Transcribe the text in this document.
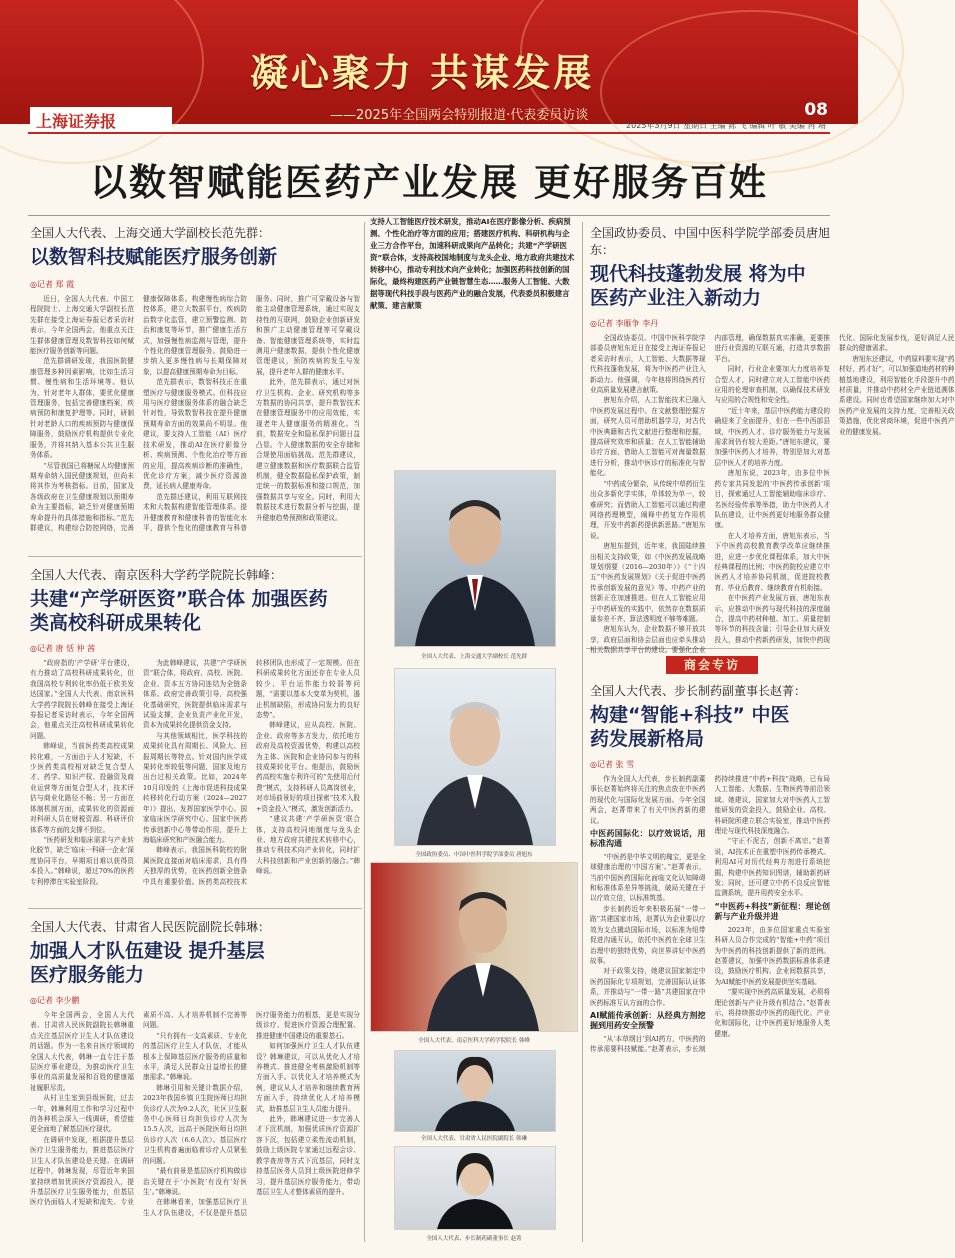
凝心聚力 共谋发展
——2025年全国两会特别报道·代表委员访谈	08
上海证券报	2025年3月9日 星期日 主编 陈 飞 编辑 叶 敏 美编 冉 靖
以数智赋能医药产业发展 更好服务百姓
全国人大代表、上海交通大学副校长范先群：
以数智科技赋能医疗服务创新
◎记者 郑 霞

近日，全国人大代表、中国工程院院士、上海交通大学副校长范先群在接受上海证券报记者采访时表示，今年全国两会，他重点关注生群体健康管理及数智科技如何赋能医疗服务创新等问题。

范先群调研发现，我国医院健康管理多种因素影响，比如生活习惯、慢性病和生活环境等。他认为，针对老年人群体，要优化健康管理服务，包括完善健康档案，疾病预防和康复护理等。同时，研制针对老龄人口的疾病预防与健康保障服务，鼓励医疗机构提供专业化服务，并将其纳入基本公共卫生服务体系。

“尽管我国已将糖尿人均健康预期寿命纳入国民健康规划，但尚未将其作为考核指标。目前，国家及各级政府在卫生健康规划以预期寿命为主要指标，缺乏针对健康预期寿命提升的具体措施和指标。”范先群建议，构建综合防控网络，完善健康保障体系。构建慢性病综合防控体系，建立大数据平台，疾病防治数字化监管，建立预警监测、防治和康复等环节，推广健康生活方式，加强慢性病监测与管理，提升个性化的健康管理服务。鼓励进一步纳入更多慢性病与长期保障对象，以提高健康预期寿命为目标。

范先群表示，数智科技正在重塑医疗与健康服务模式。但科技应用与医疗健康服务体系的融合缺乏针对性，导致数智科技在提升健康预期寿命方面的效果尚不明显。他建议，要支持人工智能（AI）医疗技术研发，推动AI在医疗影像分析、疾病预测、个性化治疗等方面的应用，提高疾病诊断的准确性，优化诊疗方案，减少医疗资源浪费，延长病人健康寿命。

范先群还建议，利用互联网技术和大数据构建智能管理体系。提升健康教育和健康科普的智能化水平，提供个性化的健康教育与科普服务。同时，推广可穿戴设备与智能主动健康管理系统，通过实现支持性的互联网，鼓励企业创新研发和推广主动健康管理等可穿戴设备、智能健康管理系统等，实时监测用户健康数据，提供个性化健康管理建议，预防疾病的发生与发展，提升老年人群的健康水平。

此外，范先群表示，通过对医疗卫生机构、企业、研究机构等多方数据的协同共享，提升数智技术在健康管理服务中的应用效能，实现老年人健康服务的精准化。当前，数据安全和隐私保护问题日益凸显。个人健康数据的安全存储和合规使用面临挑战。范先群建议，建立健康数据和医疗数据联合监管机制，健全数据隐私保护政策，制定统一的数据标准和接口规范，加强数据共享与安全。同时，利用大数据技术进行数据分析与挖掘，提升健康趋势预测和政策建议。

全国人大代表、南京医科大学药学院院长韩峰：
共建“产学研医资”联合体 加强医药类高校科研成果转化
◎记者 唐 恬 仲 茜

“政府指的‘产学研’平台建设，有力推动了高校科研成果转化，但我国高校专利转化率仍低于欧美发达国家。”全国人大代表、南京医科大学药学院院长韩峰在接受上海证券报记者采访时表示，今年全国两会，他重点关注高校科研成果转化问题。

韩峰说，当前医药类高校成果转化难，一方面由于人才短缺，不少医药类高校相对缺乏复合型人才、药学、知识产权、投融资及商业运营等方面复合型人才，技术评估与商业化路径不畅；另一方面在体制机制方面，成果转化的资源面对科研人员在财税资源、科研评价体系等方面的支撑不到位。

“医药研发和临床需求与产业转化脱节，缺乏‘临床一科研一企业’深度协同平台，早期项目难以获得资本投入。”韩峰说，超过70%的医药专利停滞在实验室阶段。

为此韩峰建议，共建“产学研医资”联合体，将政府、高校、医院、企业、资本五方协同连结为全链条体系。政府完善政策引导，高校强化基础研究，医院提供临床需求与试验支撑，企业负责产业化开发，资本为成果转化提供资金支持。

与其他领域相比，医学科技的成果转化具有周期长、风险大、回报周期长等特点。针对国内医学成果转化率较低等问题，国家及地方出台过相关政策。比如，2024年10月印发的《上海市促进科技成果转移转化行动方案（2024—2027年）》提出，发挥国家医学中心、国家临床医学研究中心、国家中医药传承创新中心等带动作用，提升上海临床研究和产医融合能力。

韩峰表示，我国医科院校的附属医院直接面对临床需求，具有得天独厚的优势，在医药创新全链条中具有重要价值。医药类高校技术转移团队也形成了一定规模。但在科研成果转化方面还存在专业人员较少、平台运作能力较弱等问题，“需要以基本大变革为契机，遏止机制缺陷，形成协同发力的良好态势”。

韩峰建议，应从高校、医院、企业、政府等多方发力，依托地方政府及高校资源优势，构建以高校为主体、医院和企业协同参与的科技成果转化平台。他提出，鼓励医药高校实施专利许可的“先使用后付费”模式，支持科研人员离岗创业，对市场前景好的项目探索“技术入股+资金投入”模式，激发创新活力。

“建议共建‘产学研医资’联合体，支持高校同地制度与龙头企业、地方政府共建技术转移中心，推动专利技术向产业转化，同时扩大科技创新和产业创新的融合。”韩峰说。

全国人大代表、甘肃省人民医院副院长韩琳：
加强人才队伍建设 提升基层医疗服务能力
◎记者 李少鹏

今年全国两会，全国人大代表、甘肃省人民医院副院长韩琳重点关注基层医疗卫生人才队伍建设的话题。作为一名来自医疗领域的全国人大代表，韩琳一直专注于基层医疗事业建设，为推动医疗卫生事业的高质量发展和百姓的健康福祉履职尽责。

从村卫生室到县级医院，过去一年，韩琳利用工作和学习过程中的各种机会深入一线调研，希望能更全面地了解基层医疗现状。

在调研中发现，根据提升基层医疗卫生服务能力，推进基层医疗卫生人才队伍建设是关键。在调研过程中，韩琳发现，尽管近年来国家持续增加优质医疗资源投入，提升基层医疗卫生服务能力，但基层医疗仍面临人才短缺和流失、专业素质不高、人才培养机制不完善等问题。

“只有拥有一支高素质、专业化的基层医疗卫生人才队伍，才能从根本上保障基层医疗服务的质量和水平，满足人民群众日益增长的健康需求。”韩琳说。

韩琳引用和关键计数据介绍，2023年我国乡镇卫生院医师日均担负诊疗人次为9.2人次，社区卫生服务中心医师日均担负诊疗人次为15.5人次，远高于医院医师日均担负诊疗人次（6.6人次）。基层医疗卫生机构普遍面临着诊疗人员紧张的问题。

“最有前景是基层医疗机构做诊治关键在于‘小医院’有没有‘好医生’。”韩琳说。

在韩琳看来，加强基层医疗卫生人才队伍建设，不仅是提升基层医疗服务能力的根基，更是实现分级诊疗、促进医疗资源合理配置、推进健康中国建设的重要基石。

如何加强医疗卫生人才队伍建设？韩琳建议，可以从优化人才培养模式、推进健全考核激励机制等方面入手。以优化人才培养模式为例，建议从人才培养和继续教育两方面入手，持续优化人才培养模式，助推基层卫生人员能力提升。

此外，韩琳建议进一步完善人才下沉机制，加强优质医疗资源扩容下沉，包括建立柔性流动机制，鼓励上级医院专家通过远程会诊、教学查房等方式下沉基层，同时支持基层医务人员到上级医院进修学习，提升基层医疗服务能力，带动基层卫生人才整体素质的提升。

支持人工智能医疗技术研发，推动AI在医疗影像分析、疾病预测、个性化治疗等方面的应用；搭建医疗机构、科研机构与企业三方合作平台，加速科研成果向产品转化；共建“产学研医资”联合体，支持高校国地制度与龙头企业、地方政府共建技术转移中心，推动专利技术向产业转化；加强医药科技创新的国际化，最终构建医药产业链智慧生态……服务人工智能、大数据等现代科技手段与医药产业的融合发展，代表委员积极建言献策、建言献策
全国人大代表、上海交通大学副校长 范先群
全国政协委员、中国中医科学院学部委员 唐旭东
全国人大代表、南京医科大学药学院院长 韩峰
全国人大代表、甘肃省人民医院副院长 韩琳
全国人大代表、步长制药副董事长 赵菁
全国政协委员、中国中医科学院学部委员唐旭东：
现代科技蓬勃发展 将为中医药产业注入新动力
◎记者 李雁争 李丹

全国政协委员、中国中医科学院学部委员唐旭东近日在接受上海证券报记者采访时表示，人工智能、大数据等现代科技蓬勃发展，将为中医药产业注入新动力。他强调，今年他将围绕医药行业高质量发展建言献策。

唐旭东介绍，人工智能技术已融入中医药发展过程中。在文献整理挖掘方面，研究人员可借助机器学习，对古代中医典籍和古代文献进行整理和挖掘，提高研究效率和质量；在人工智能辅助诊疗方面，借助人工智能可对海量数据进行分析，推动中医诊疗的标准化与智能化。

“中药成分繁杂，从传统中草药衍生出众多新化学实体，单体较为单一，较难研究；而借助人工智能可以通过构建网络药理模型，阐释中药复方作用机理，开发中药新药提供新思路。”唐旭东说。

唐旭东提到，近年来，我国陆续推出相关支持政策，如《中医药发展战略规划纲要（2016—2030年）》《“十四五”中医药发展规划》《关于促进中医药传承创新发展的意见》等。中药产业的创新正在加速推进。但在人工智能应用于中药研发的实践中，依然存在数据质量参差不齐、算法透明度不够等难题。

唐旭东认为，企业数据不够开放共享，政府层面和协会层面也应牵头推动相关数据共享平台的建设。要强化企业内部管理，确保数据真实准确，更要推进行业资源的互联互通，打造共享数据平台。

同时，行业企业要加大力度培养复合型人才，同时建立对人工智能中医药应用的伦理审查机制，以确保技术研发与应用的合规性和安全性。

“近十年来，基层中医药能力建设的确迎来了全面提升，但在一些中西部县域，中医药人才、诊疗服务能力与发展需求间仍有较大差距。”唐旭东建议，要加强中医药人才培养，特别是加大对基层中医人才的培养力度。

唐旭东说，2023年，由多位中医药专家共同发起的‘中医药传承创新’项目，探索通过人工智能辅助临床诊疗、名医经验传承等举措，助力中医药人才队伍建设，让中医药更好地服务群众健康。

在人才培养方面，唐旭东表示，当下中医药高校教育教学改革应继续推进，应进一步优化课程体系，加大中医经典课程的比例；中医药院校应建立中医药人才培养协同机制，促进院校教育、毕业后教育、继续教育有机衔接。

在中医药产业发展方面，唐旭东表示，应推动中医药与现代科技的深度融合，提高中药材种植、加工、质量控制等环节的科技含量；引导企业加大研发投入，推动中药新药研发，加快中药现代化、国际化发展步伐，更好满足人民群众的健康需求。

唐旭东还建议，中药原料要实现“药材好，药才好”，可以加强道地药材的种植基地建设，利用智能化手段提升中药材质量，并推动中药材全产业链追溯体系建设。同时也希望国家继续加大对中医药产业发展的支持力度，完善相关政策措施，优化营商环境，促进中医药产业的健康发展。

商会专访
全国人大代表、步长制药副董事长赵菁：
构建“智能+科技” 中医药发展新格局
◎记者 张 雪

作为全国人大代表，步长制药副董事长赵菁始终将关注的焦点放在中医药的现代化与国际化发展方面。今年全国两会，赵菁带来了有关中医药新的建议。

中医药国际化：以疗效说话，用标准沟通

“中医药是中华文明的瑰宝，更是全球健康治理的‘中国方案’。”赵菁表示，当前中国医药国际化面临文化认知障碍和标准体系差异等挑战，破局关键在于以疗效立信，以标准筑基。

步长制药近年来积极拓展“一带一路”共建国家市场，赵菁认为企业要以疗效为支点撬动国际市场，以标准为纽带促进沟通互认，依托中医药在全球卫生治理中的独特优势，向世界讲好中医药故事。

对于政策支持，她建议国家制定中医药国际化专项规划，完善国际认证体系，并推动与“一带一路”共建国家在中医药标准互认方面的合作。

AI赋能传承创新：从经典方剂挖掘到用药安全预警

“从‘本草纲目’到AI药方，中医药的传承需要科技赋能。”赵菁表示，步长制药持续推进“中药+科技”战略，已布局人工智能、大数据、生物医药等前沿领域。她建议，国家加大对中医药人工智能研发的资金投入，鼓励企业、高校、科研院所建立联合实验室，推动中医药理论与现代科技深度融合。

“守正不泥古，创新不离宗。”赵菁说，AI技术正在重塑中医药传承模式。利用AI可对历代经典方剂进行系统挖掘，构建中医药知识图谱，辅助新药研发；同时，还可建立中药不良反应智能监测系统，提升用药安全水平。

“中医药+科技”新征程：理论创新与产业升级并进

2023年，由多位国家重点实验室科研人员合作完成的“智能+中药”项目为中医药的科技创新提供了新的范例。赵菁建议，加强中医药数据标准体系建设，鼓励医疗机构、企业间数据共享，为AI赋能中医药发展提供坚实基础。

“要实现中医药高质量发展，必须将理论创新与产业升级有机结合。”赵菁表示，将持续推动中医药的现代化、产业化和国际化，让中医药更好地服务人类健康。
